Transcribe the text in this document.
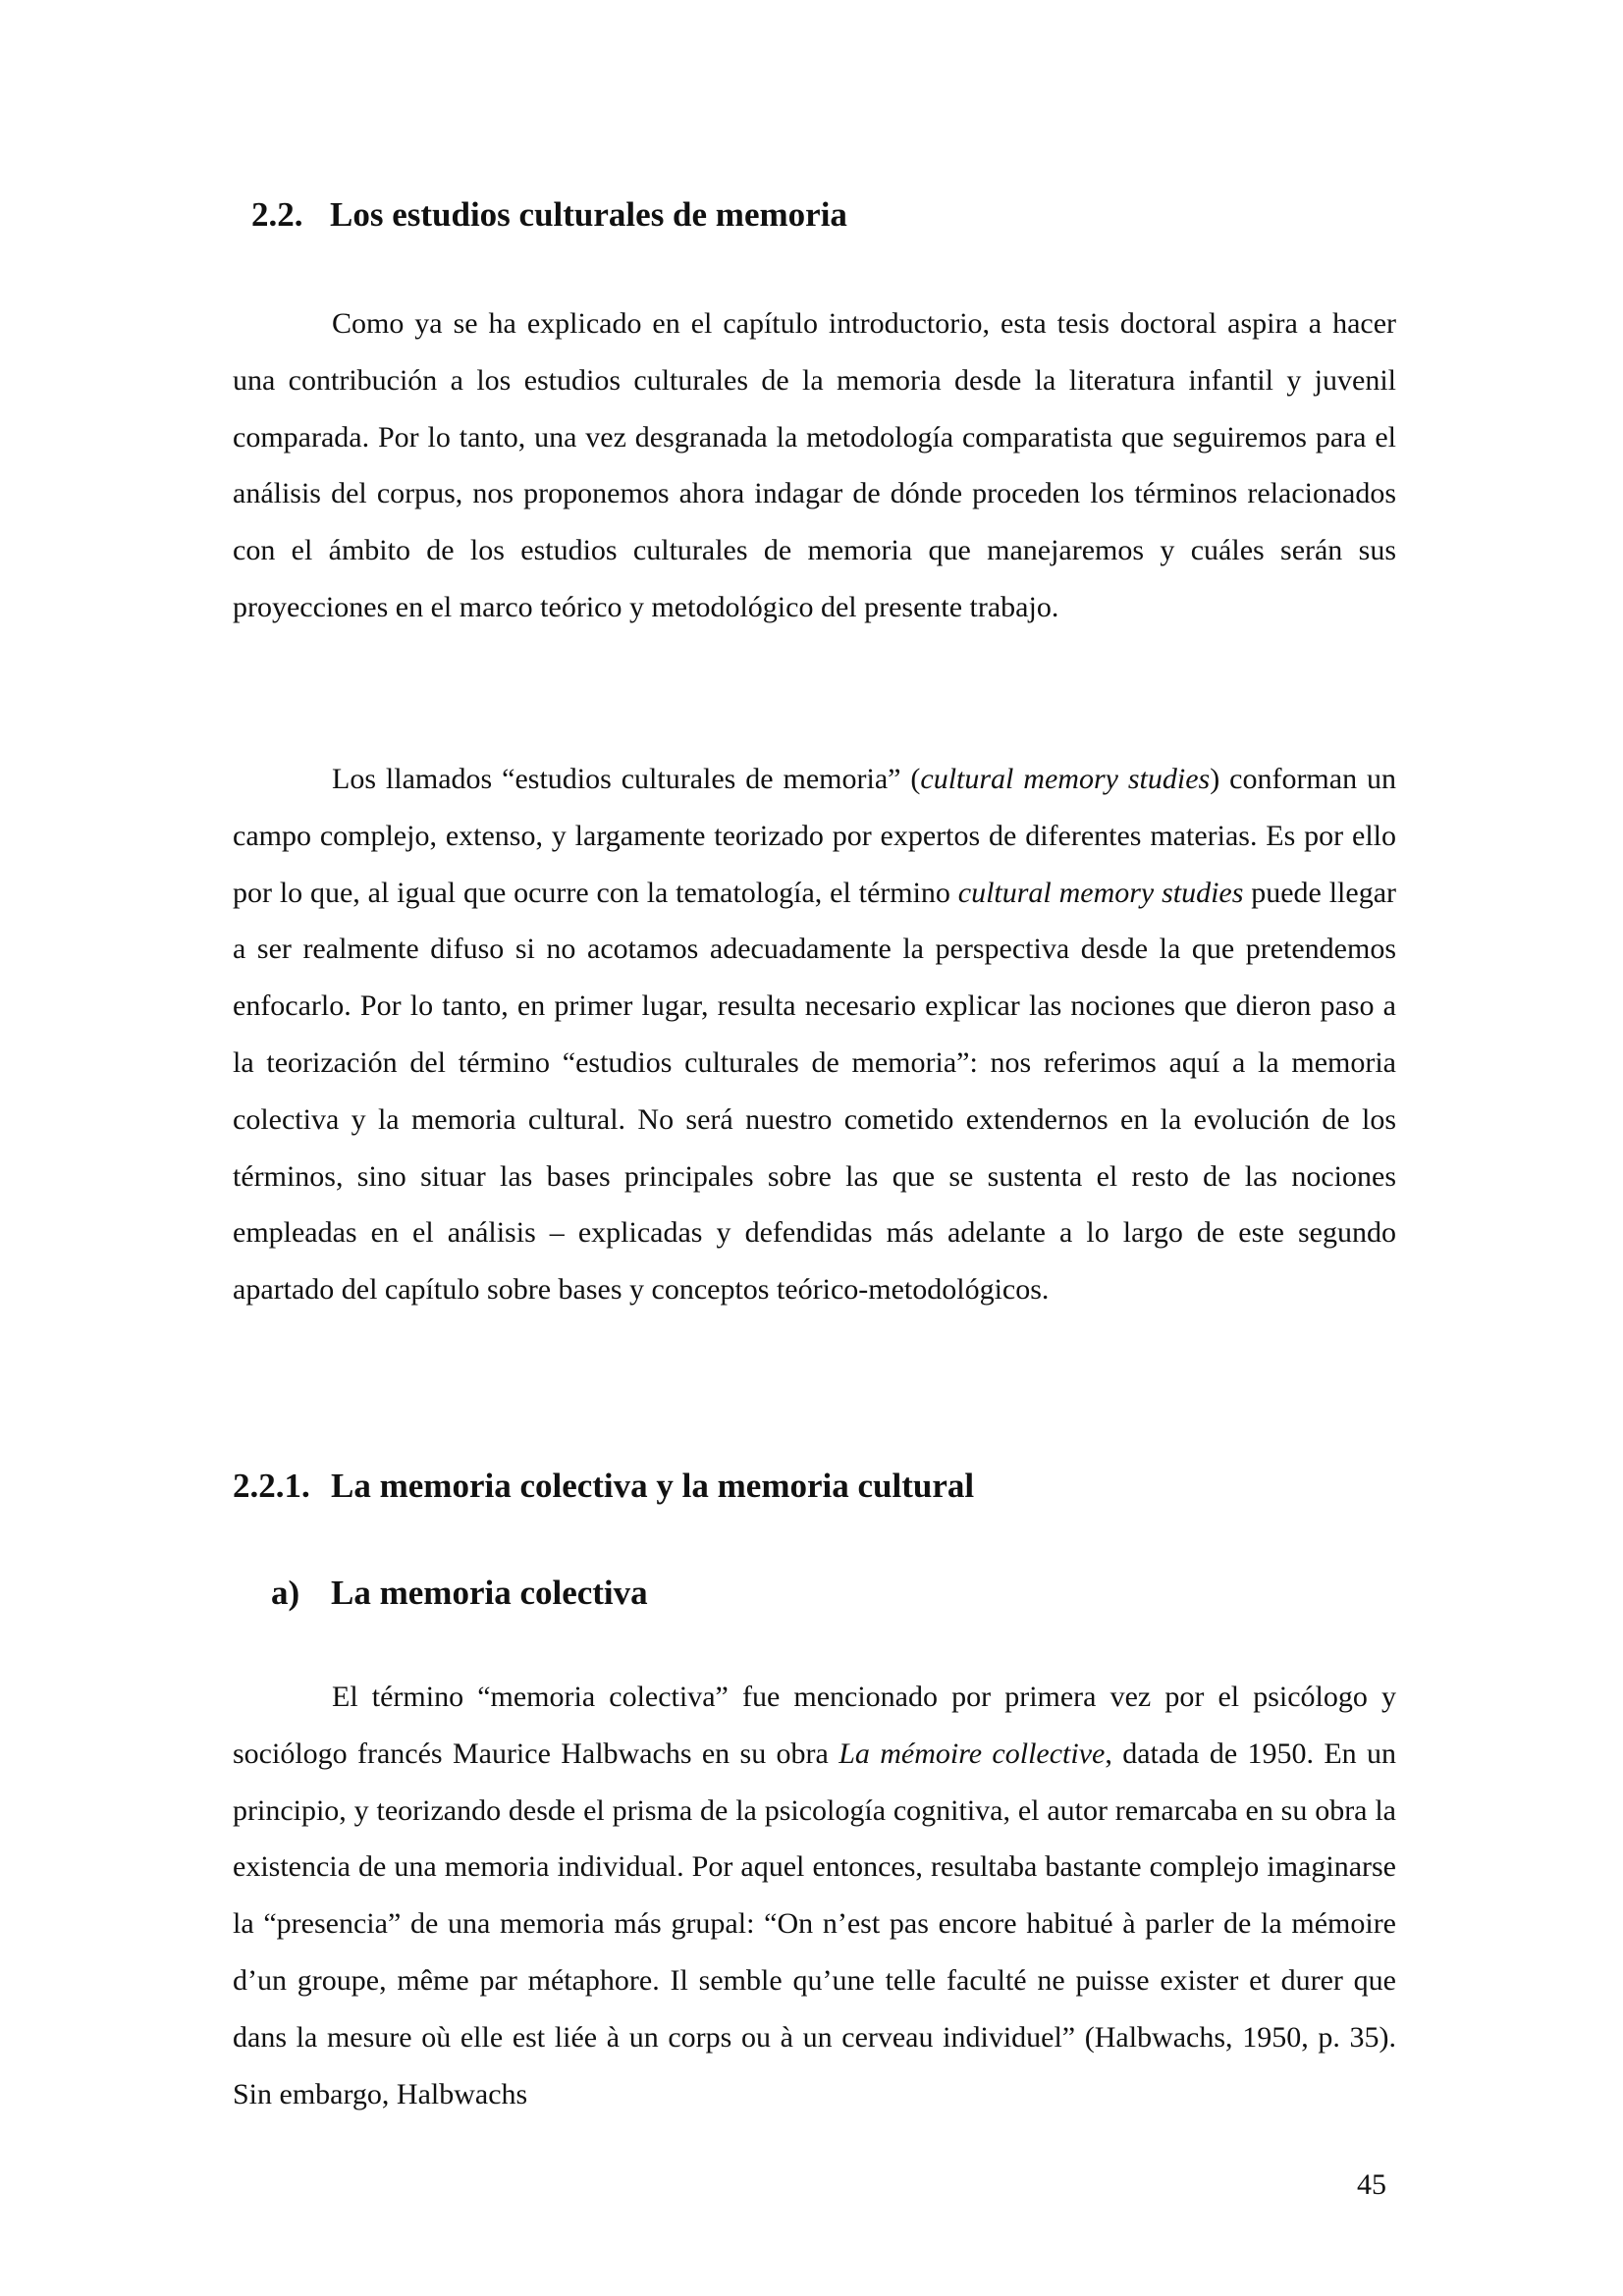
2.2. Los estudios culturales de memoria

Como ya se ha explicado en el capítulo introductorio, esta tesis doctoral aspira a hacer una contribución a los estudios culturales de la memoria desde la literatura infantil y juvenil comparada. Por lo tanto, una vez desgranada la metodología comparatista que seguiremos para el análisis del corpus, nos proponemos ahora indagar de dónde proceden los términos relacionados con el ámbito de los estudios culturales de memoria que manejaremos y cuáles serán sus proyecciones en el marco teórico y metodológico del presente trabajo.

Los llamados “estudios culturales de memoria” (cultural memory studies) conforman un campo complejo, extenso, y largamente teorizado por expertos de diferentes materias. Es por ello por lo que, al igual que ocurre con la tematología, el término cultural memory studies puede llegar a ser realmente difuso si no acotamos adecuadamente la perspectiva desde la que pretendemos enfocarlo. Por lo tanto, en primer lugar, resulta necesario explicar las nociones que dieron paso a la teorización del término “estudios culturales de memoria”: nos referimos aquí a la memoria colectiva y la memoria cultural. No será nuestro cometido extendernos en la evolución de los términos, sino situar las bases principales sobre las que se sustenta el resto de las nociones empleadas en el análisis – explicadas y defendidas más adelante a lo largo de este segundo apartado del capítulo sobre bases y conceptos teórico-metodológicos.

2.2.1. La memoria colectiva y la memoria cultural
a) La memoria colectiva

El término “memoria colectiva” fue mencionado por primera vez por el psicólogo y sociólogo francés Maurice Halbwachs en su obra La mémoire collective, datada de 1950. En un principio, y teorizando desde el prisma de la psicología cognitiva, el autor remarcaba en su obra la existencia de una memoria individual. Por aquel entonces, resultaba bastante complejo imaginarse la “presencia” de una memoria más grupal: “On n’est pas encore habitué à parler de la mémoire d’un groupe, même par métaphore. Il semble qu’une telle faculté ne puisse exister et durer que dans la mesure où elle est liée à un corps ou à un cerveau individuel” (Halbwachs, 1950, p. 35). Sin embargo, Halbwachs

45
